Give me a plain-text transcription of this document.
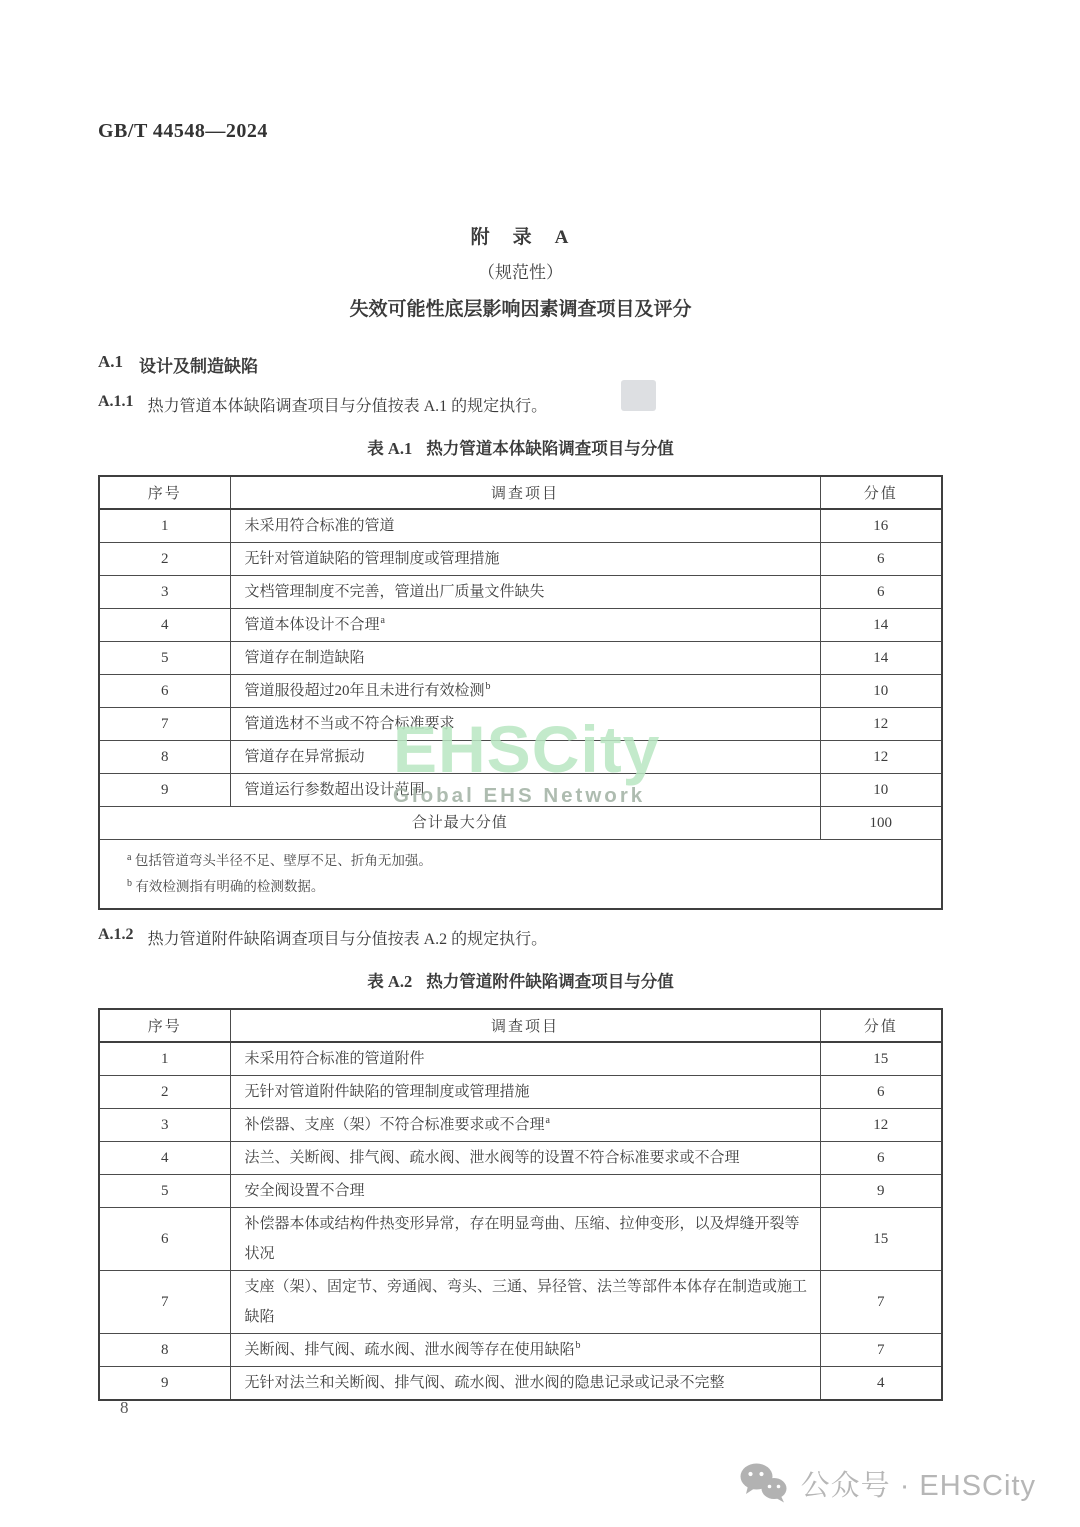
GB/T 44548—2024
附　录　A
（规范性）
失效可能性底层影响因素调查项目及评分
A.1 设计及制造缺陷
A.1.1 热力管道本体缺陷调查项目与分值按表 A.1 的规定执行。
表 A.1 热力管道本体缺陷调查项目与分值
序号	调查项目	分值
1	未采用符合标准的管道	16
2	无针对管道缺陷的管理制度或管理措施	6
3	文档管理制度不完善，管道出厂质量文件缺失	6
4	管道本体设计不合理$^a$	14
5	管道存在制造缺陷	14
6	管道服役超过20年且未进行有效检测$^b$	10
7	管道选材不当或不符合标准要求	12
8	管道存在异常振动	12
9	管道运行参数超出设计范围	10
合计最大分值		100

$^a$ 包括管道弯头半径不足、壁厚不足、折角无加强。
$^b$ 有效检测指有明确的检测数据。		
A.1.2 热力管道附件缺陷调查项目与分值按表 A.2 的规定执行。
表 A.2 热力管道附件缺陷调查项目与分值
序号	调查项目	分值
1	未采用符合标准的管道附件	15
2	无针对管道附件缺陷的管理制度或管理措施	6
3	补偿器、支座（架）不符合标准要求或不合理$^a$	12
4	法兰、关断阀、排气阀、疏水阀、泄水阀等的设置不符合标准要求或不合理	6
5	安全阀设置不合理	9
6	补偿器本体或结构件热变形异常，存在明显弯曲、压缩、拉伸变形，以及焊缝开裂等状况	15
7	支座（架）、固定节、旁通阀、弯头、三通、异径管、法兰等部件本体存在制造或施工缺陷	7
8	关断阀、排气阀、疏水阀、泄水阀等存在使用缺陷$^b$	7
9	无针对法兰和关断阀、排气阀、疏水阀、泄水阀的隐患记录或记录不完整	4
EHSCity
Global EHS Network
8
公众号 · EHSCity
